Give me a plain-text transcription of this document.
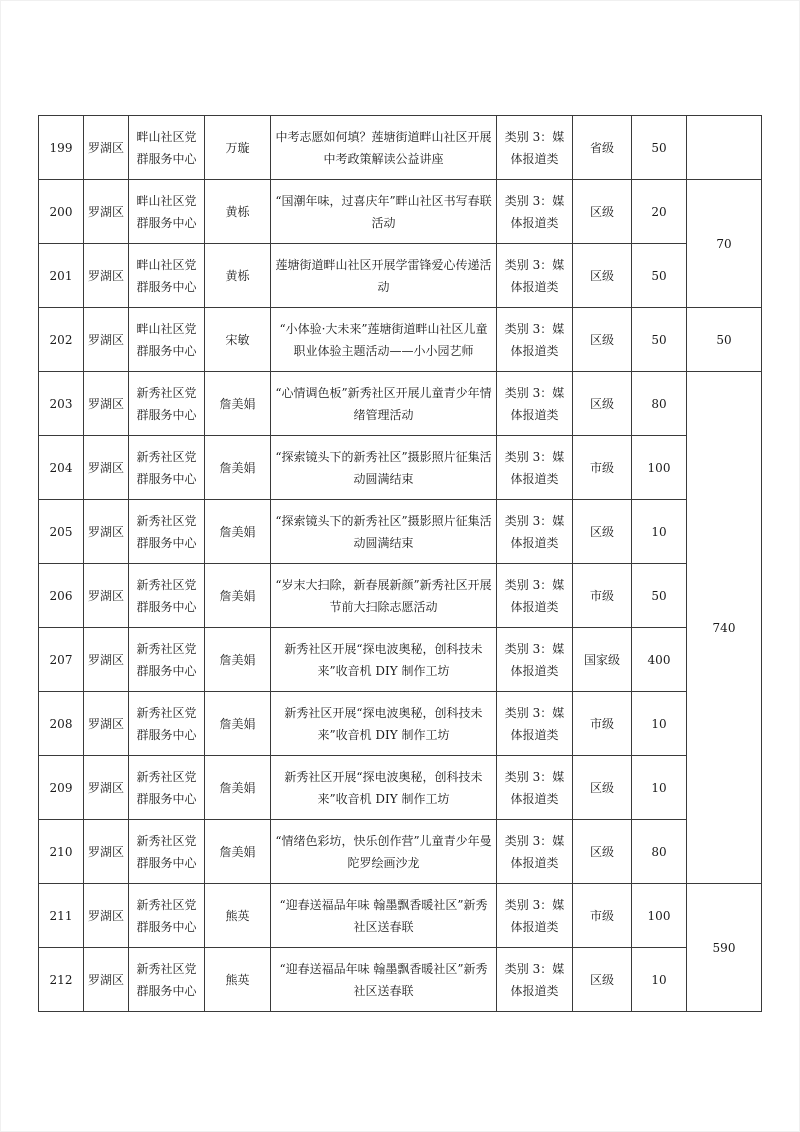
199	罗湖区	畔山社区党群服务中心	万璇	中考志愿如何填？莲塘街道畔山社区开展中考政策解读公益讲座	类别 3：媒体报道类	省级	50	
200	罗湖区	畔山社区党群服务中心	黄栎	“国潮年味，过喜庆年”畔山社区书写春联活动	类别 3：媒体报道类	区级	20	70
201	罗湖区	畔山社区党群服务中心	黄栎	莲塘街道畔山社区开展学雷锋爱心传递活动	类别 3：媒体报道类	区级	50	
202	罗湖区	畔山社区党群服务中心	宋敏	“小体验·大未来”莲塘街道畔山社区儿童职业体验主题活动——小小园艺师	类别 3：媒体报道类	区级	50	50
203	罗湖区	新秀社区党群服务中心	詹美娟	“心情调色板”新秀社区开展儿童青少年情绪管理活动	类别 3：媒体报道类	区级	80	740
204	罗湖区	新秀社区党群服务中心	詹美娟	“探索镜头下的新秀社区”摄影照片征集活动圆满结束	类别 3：媒体报道类	市级	100	
205	罗湖区	新秀社区党群服务中心	詹美娟	“探索镜头下的新秀社区”摄影照片征集活动圆满结束	类别 3：媒体报道类	区级	10	
206	罗湖区	新秀社区党群服务中心	詹美娟	“岁末大扫除，新春展新颜”新秀社区开展节前大扫除志愿活动	类别 3：媒体报道类	市级	50	
207	罗湖区	新秀社区党群服务中心	詹美娟	新秀社区开展“探电波奥秘，创科技未来”收音机 DIY 制作工坊	类别 3：媒体报道类	国家级	400	
208	罗湖区	新秀社区党群服务中心	詹美娟	新秀社区开展“探电波奥秘，创科技未来”收音机 DIY 制作工坊	类别 3：媒体报道类	市级	10	
209	罗湖区	新秀社区党群服务中心	詹美娟	新秀社区开展“探电波奥秘，创科技未来”收音机 DIY 制作工坊	类别 3：媒体报道类	区级	10	
210	罗湖区	新秀社区党群服务中心	詹美娟	“情绪色彩坊，快乐创作营”儿童青少年曼陀罗绘画沙龙	类别 3：媒体报道类	区级	80	
211	罗湖区	新秀社区党群服务中心	熊英	“迎春送福品年味 翰墨飘香暖社区”新秀社区送春联	类别 3：媒体报道类	市级	100	590
212	罗湖区	新秀社区党群服务中心	熊英	“迎春送福品年味 翰墨飘香暖社区”新秀社区送春联	类别 3：媒体报道类	区级	10	
